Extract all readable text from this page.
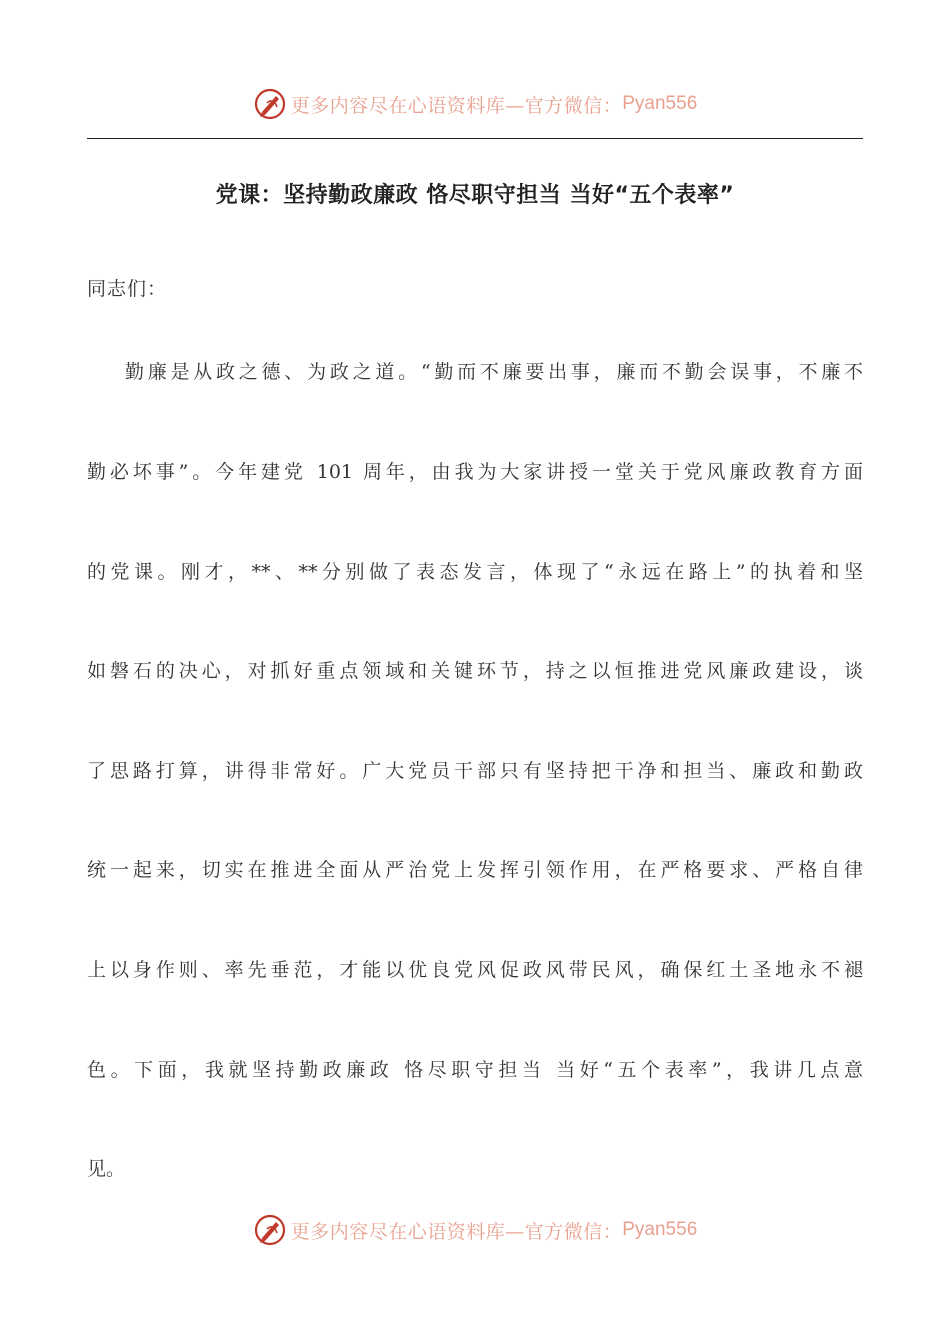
更多内容尽在心语资料库—官方微信： Pyan556
党课：坚持勤政廉政 恪尽职守担当 当好“五个表率”
同志们：
勤廉是从政之德、为政之道。“勤而不廉要出事，廉而不勤会误事，不廉不
勤必坏事”。今年建党 101 周年，由我为大家讲授一堂关于党风廉政教育方面
的党课。刚才，**、**分别做了表态发言，体现了“永远在路上”的执着和坚
如磐石的决心，对抓好重点领域和关键环节，持之以恒推进党风廉政建设，谈
了思路打算，讲得非常好。广大党员干部只有坚持把干净和担当、廉政和勤政
统一起来，切实在推进全面从严治党上发挥引领作用，在严格要求、严格自律
上以身作则、率先垂范，才能以优良党风促政风带民风，确保红土圣地永不褪
色。下面，我就坚持勤政廉政 恪尽职守担当 当好“五个表率”，我讲几点意
见。
更多内容尽在心语资料库—官方微信： Pyan556
